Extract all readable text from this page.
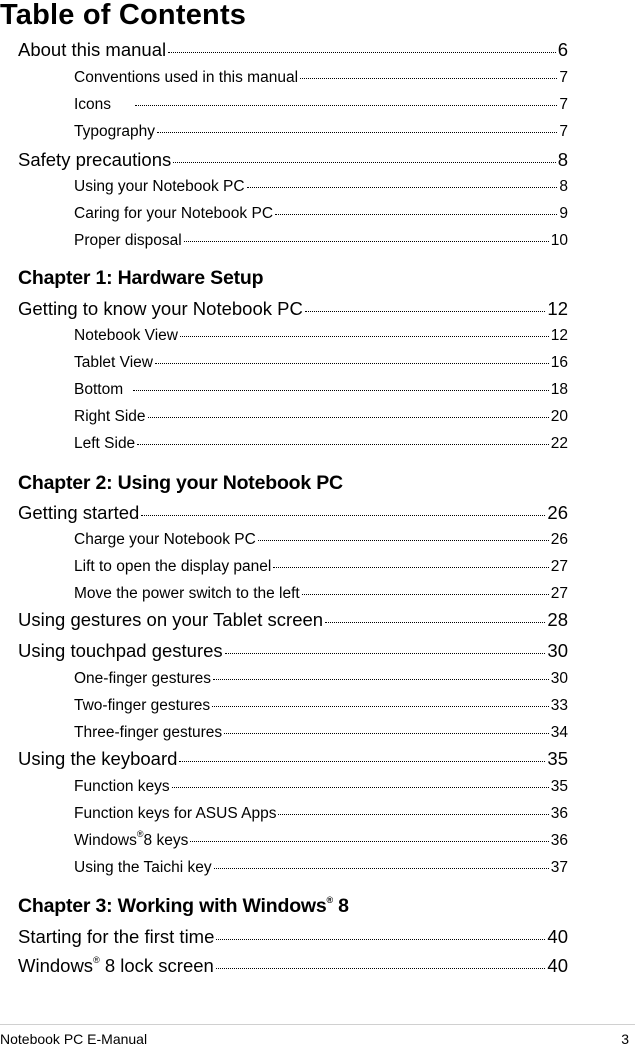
Table of Contents
About this manual	6
Conventions used in this manual	7
Icons	7
Typography	7
Safety precautions	8
Using your Notebook PC	8
Caring for your Notebook PC	9
Proper disposal	10
Chapter 1: Hardware Setup
Getting to know your Notebook PC	12
Notebook View	12
Tablet View	16
Bottom	18
Right Side	20
Left Side	22
Chapter 2: Using your Notebook PC
Getting started	26
Charge your Notebook PC	26
Lift to open the display panel	27
Move the power switch to the left	27
Using gestures on your Tablet screen	28
Using touchpad gestures	30
One-finger gestures	30
Two-finger gestures	33
Three-finger gestures	34
Using the keyboard	35
Function keys	35
Function keys for ASUS Apps	36
Windows®8 keys	36
Using the Taichi key	37
Chapter 3: Working with Windows® 8
Starting for the first time	40
Windows® 8 lock screen	40
Notebook PC E-Manual	3
